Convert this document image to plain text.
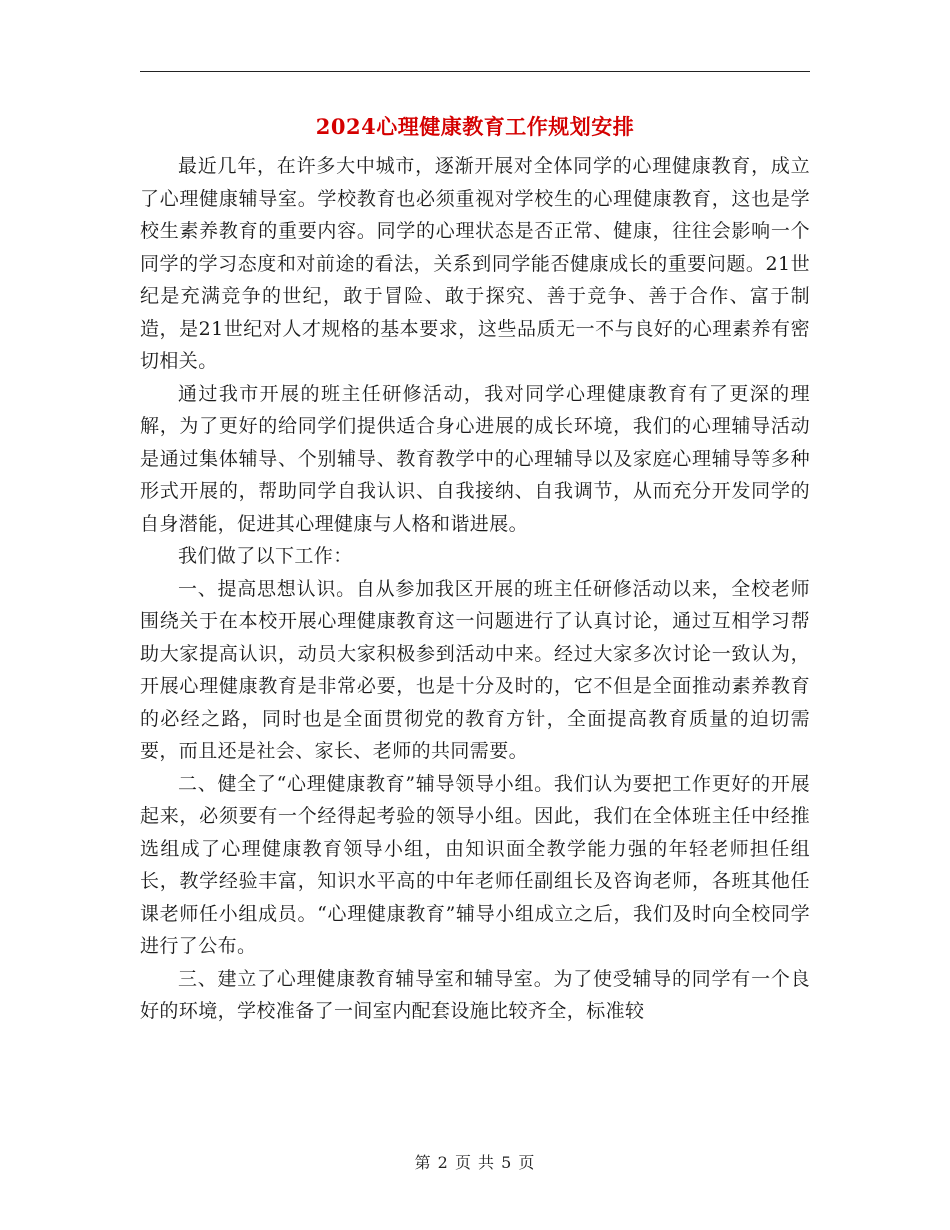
2024心理健康教育工作规划安排

最近几年，在许多大中城市，逐渐开展对全体同学的心理健康教育，成立了心理健康辅导室。学校教育也必须重视对学校生的心理健康教育，这也是学校生素养教育的重要内容。同学的心理状态是否正常、健康，往往会影响一个同学的学习态度和对前途的看法，关系到同学能否健康成长的重要问题。21世纪是充满竞争的世纪，敢于冒险、敢于探究、善于竞争、善于合作、富于制造，是21世纪对人才规格的基本要求，这些品质无一不与良好的心理素养有密切相关。

通过我市开展的班主任研修活动，我对同学心理健康教育有了更深的理解，为了更好的给同学们提供适合身心进展的成长环境，我们的心理辅导活动是通过集体辅导、个别辅导、教育教学中的心理辅导以及家庭心理辅导等多种形式开展的，帮助同学自我认识、自我接纳、自我调节，从而充分开发同学的自身潜能，促进其心理健康与人格和谐进展。

我们做了以下工作：

一、提高思想认识。自从参加我区开展的班主任研修活动以来，全校老师围绕关于在本校开展心理健康教育这一问题进行了认真讨论，通过互相学习帮助大家提高认识，动员大家积极参到活动中来。经过大家多次讨论一致认为，开展心理健康教育是非常必要，也是十分及时的，它不但是全面推动素养教育的必经之路，同时也是全面贯彻党的教育方针，全面提高教育质量的迫切需要，而且还是社会、家长、老师的共同需要。

二、健全了“心理健康教育”辅导领导小组。我们认为要把工作更好的开展起来，必须要有一个经得起考验的领导小组。因此，我们在全体班主任中经推选组成了心理健康教育领导小组，由知识面全教学能力强的年轻老师担任组长，教学经验丰富，知识水平高的中年老师任副组长及咨询老师，各班其他任课老师任小组成员。“心理健康教育”辅导小组成立之后，我们及时向全校同学进行了公布。

三、建立了心理健康教育辅导室和辅导室。为了使受辅导的同学有一个良好的环境，学校准备了一间室内配套设施比较齐全，标准较

第 2 页 共 5 页
